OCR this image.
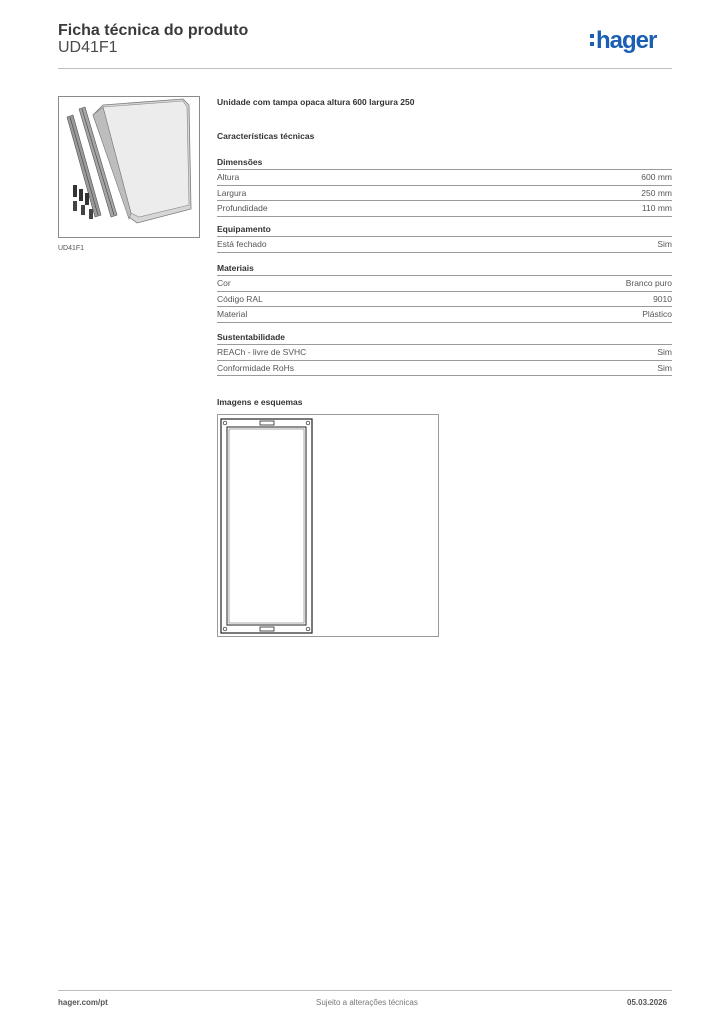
Ficha técnica do produto
UD41F1	hager
UD41F1
Unidade com tampa opaca altura 600 largura 250
Características técnicas
Dimensões
Altura	600 mm
Largura	250 mm
Profundidade	110 mm
Equipamento
Está fechado	Sim
Materiais
Cor	Branco puro
Código RAL	9010
Material	Plástico
Sustentabilidade
REACh - livre de SVHC	Sim
Conformidade RoHs	Sim
Imagens e esquemas
hager.com/pt	Sujeito a alterações técnicas	05.03.2026
